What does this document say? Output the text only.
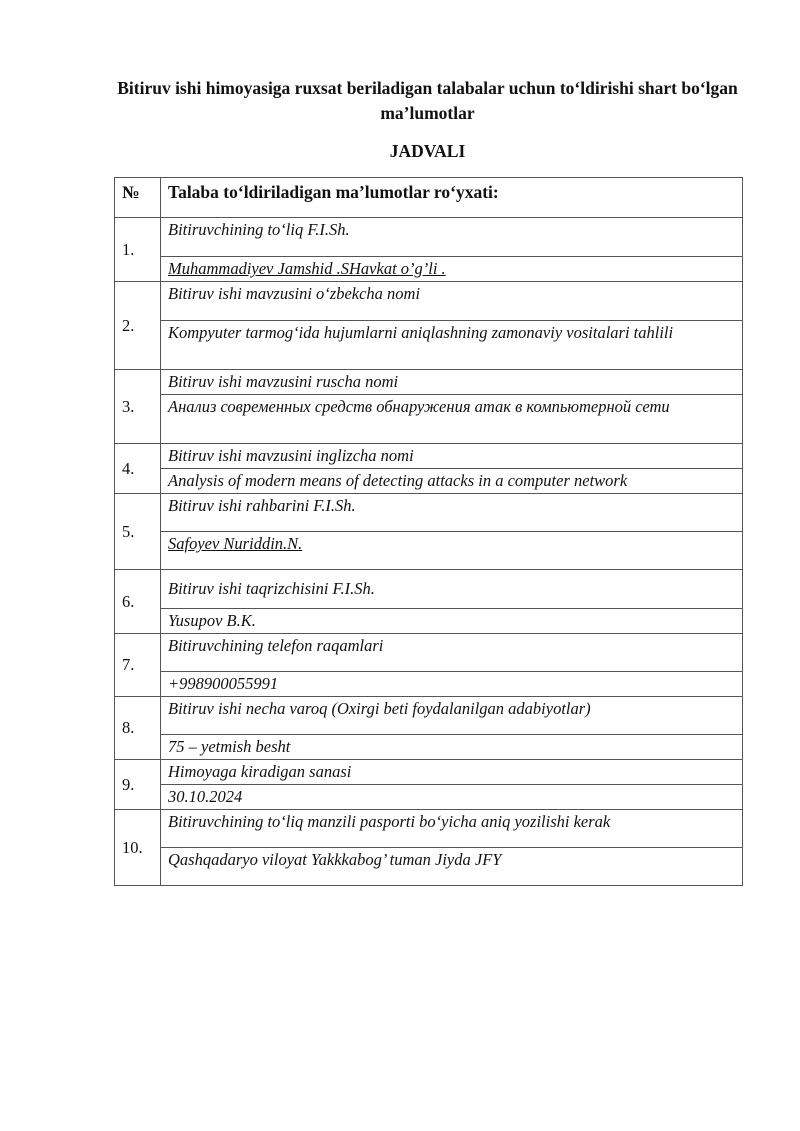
Bitiruv ishi himoyasiga ruxsat beriladigan talabalar uchun to‘ldirishi shart bo‘lgan ma’lumotlar
JADVALI
№	Talaba to‘ldiriladigan ma’lumotlar ro‘yxati:
1.	Bitiruvchining to‘liq F.I.Sh.
	Muhammadiyev Jamshid .SHavkat o’g’li .
2.	Bitiruv ishi mavzusini o‘zbekcha nomi
	Kompyuter tarmog‘ida hujumlarni aniqlashning zamonaviy vositalari tahlili
3.	Bitiruv ishi mavzusini ruscha nomi
	Анализ современных средств обнаружения атак в компьютерной сети
4.	Bitiruv ishi mavzusini inglizcha nomi
	Analysis of modern means of detecting attacks in a computer network
5.	Bitiruv ishi rahbarini F.I.Sh.
	Safoyev Nuriddin.N.
6.	Bitiruv ishi taqrizchisini F.I.Sh.
	Yusupov B.K.
7.	Bitiruvchining telefon raqamlari
	+998900055991
8.	Bitiruv ishi necha varoq (Oxirgi beti foydalanilgan adabiyotlar)
	75 – yetmish besht
9.	Himoyaga kiradigan sanasi
	30.10.2024
10.	Bitiruvchining to‘liq manzili pasporti bo‘yicha aniq yozilishi kerak
	Qashqadaryo viloyat Yakkkabog’ tuman Jiyda JFY
